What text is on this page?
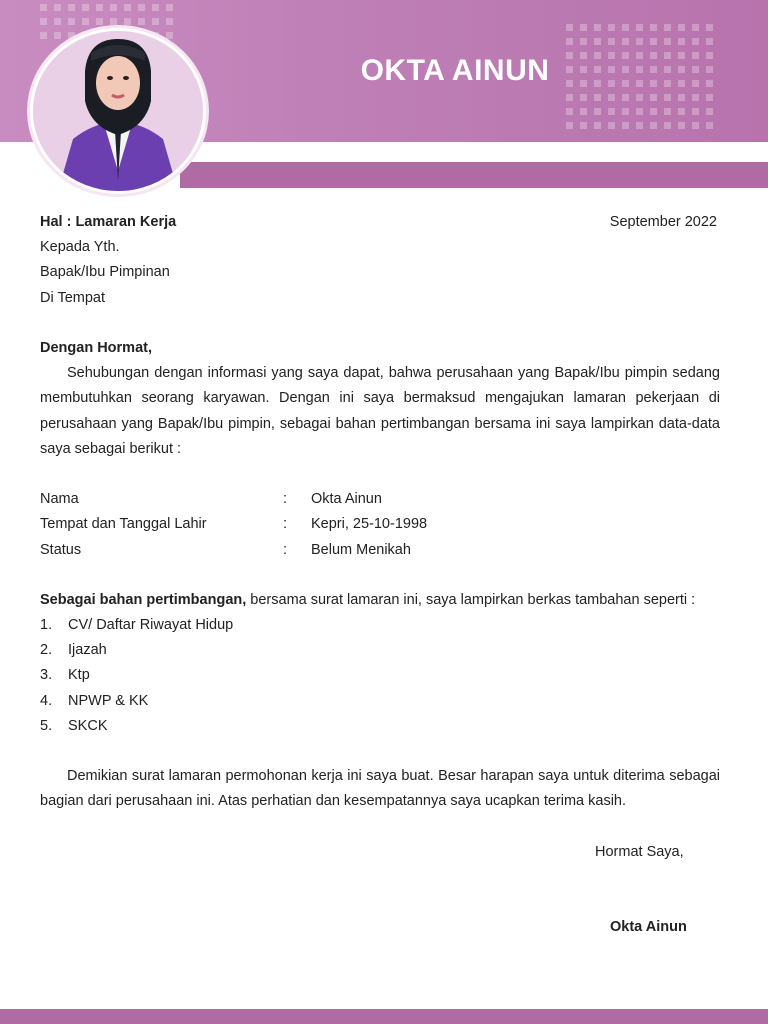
OKTA AINUN
Hal : Lamaran Kerja	September 2022
Kepada Yth.
Bapak/Ibu Pimpinan
Di Tempat
Dengan Hormat,
Sehubungan dengan informasi yang saya dapat, bahwa perusahaan yang Bapak/Ibu pimpin sedang membutuhkan seorang karyawan. Dengan ini saya bermaksud mengajukan lamaran pekerjaan di perusahaan yang Bapak/Ibu pimpin, sebagai bahan pertimbangan bersama ini saya lampirkan data-data saya sebagai berikut :
Nama	: Okta Ainun
Tempat dan Tanggal Lahir	: Kepri, 25-10-1998
Status	: Belum Menikah
Sebagai bahan pertimbangan, bersama surat lamaran ini, saya lampirkan berkas tambahan seperti :
1. CV/ Daftar Riwayat Hidup
2. Ijazah
3. Ktp
4. NPWP & KK
5. SKCK
Demikian surat lamaran permohonan kerja ini saya buat. Besar harapan saya untuk diterima sebagai bagian dari perusahaan ini. Atas perhatian dan kesempatannya saya ucapkan terima kasih.
Hormat Saya,
Okta Ainun
